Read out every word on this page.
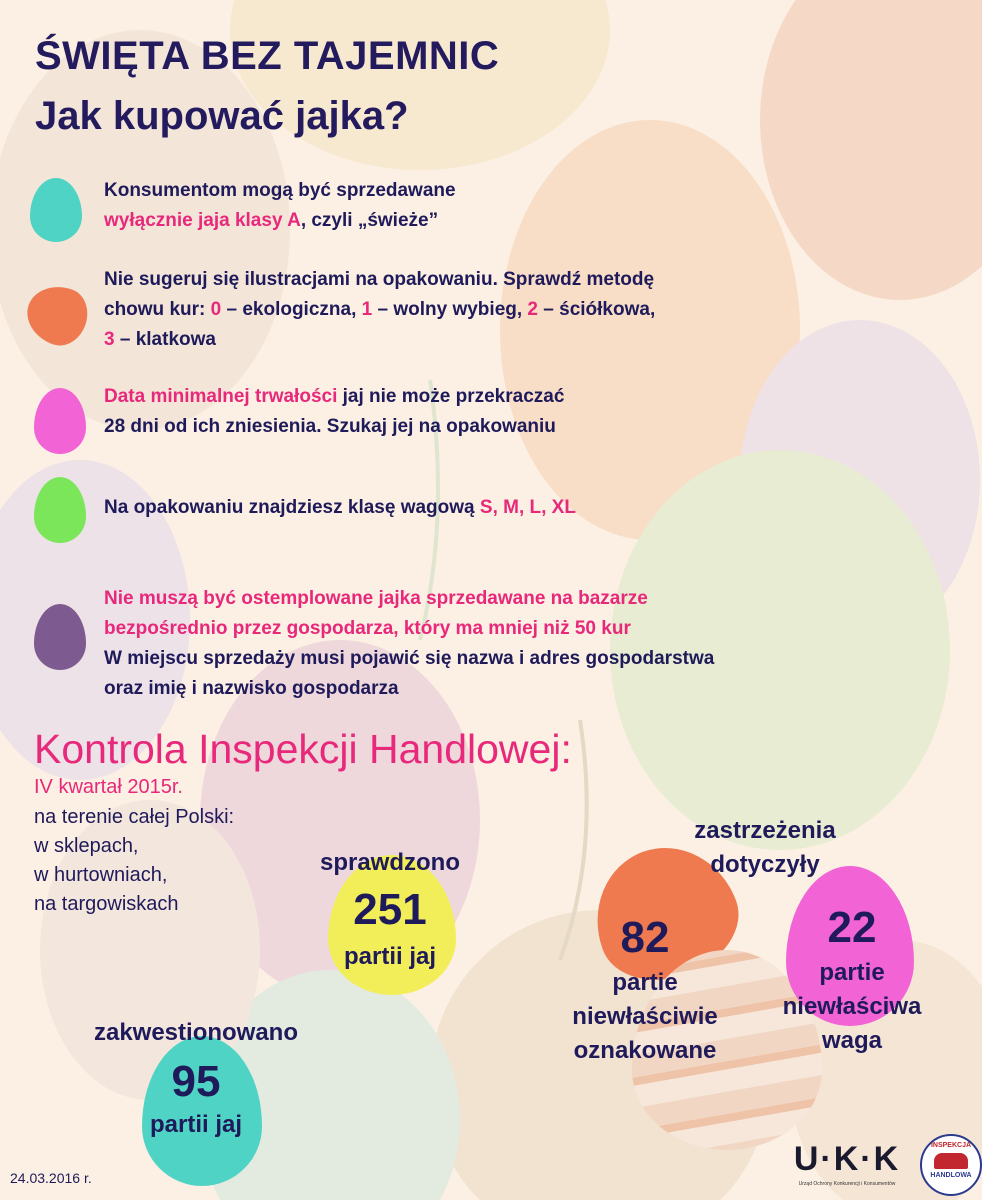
ŚWIĘTA BEZ TAJEMNIC
Jak kupować jajka?
Konsumentom mogą być sprzedawane
wyłącznie jaja klasy A, czyli „świeże”
Nie sugeruj się ilustracjami na opakowaniu. Sprawdź metodę
chowu kur: 0 – ekologiczna, 1 – wolny wybieg, 2 – ściółkowa,
3 – klatkowa
Data minimalnej trwałości jaj nie może przekraczać
28 dni od ich zniesienia. Szukaj jej na opakowaniu
Na opakowaniu znajdziesz klasę wagową S, M, L, XL
Nie muszą być ostemplowane jajka sprzedawane na bazarze
bezpośrednio przez gospodarza, który ma mniej niż 50 kur
W miejscu sprzedaży musi pojawić się nazwa i adres gospodarstwa
oraz imię i nazwisko gospodarza
Kontrola Inspekcji Handlowej:
IV kwartał 2015r.
na terenie całej Polski:
w sklepach,
w hurtowniach,
na targowiskach
sprawdzono
251
partii jaj
zakwestionowano
95
partii jaj
zastrzeżenia
dotyczyły
82
partie
niewłaściwie
oznakowane
22
partie
niewłaściwa
waga
24.03.2016 r.	U·K·K
Urząd Ochrony Konkurencji i Konsumentów
INSPEKCJA
HANDLOWA
